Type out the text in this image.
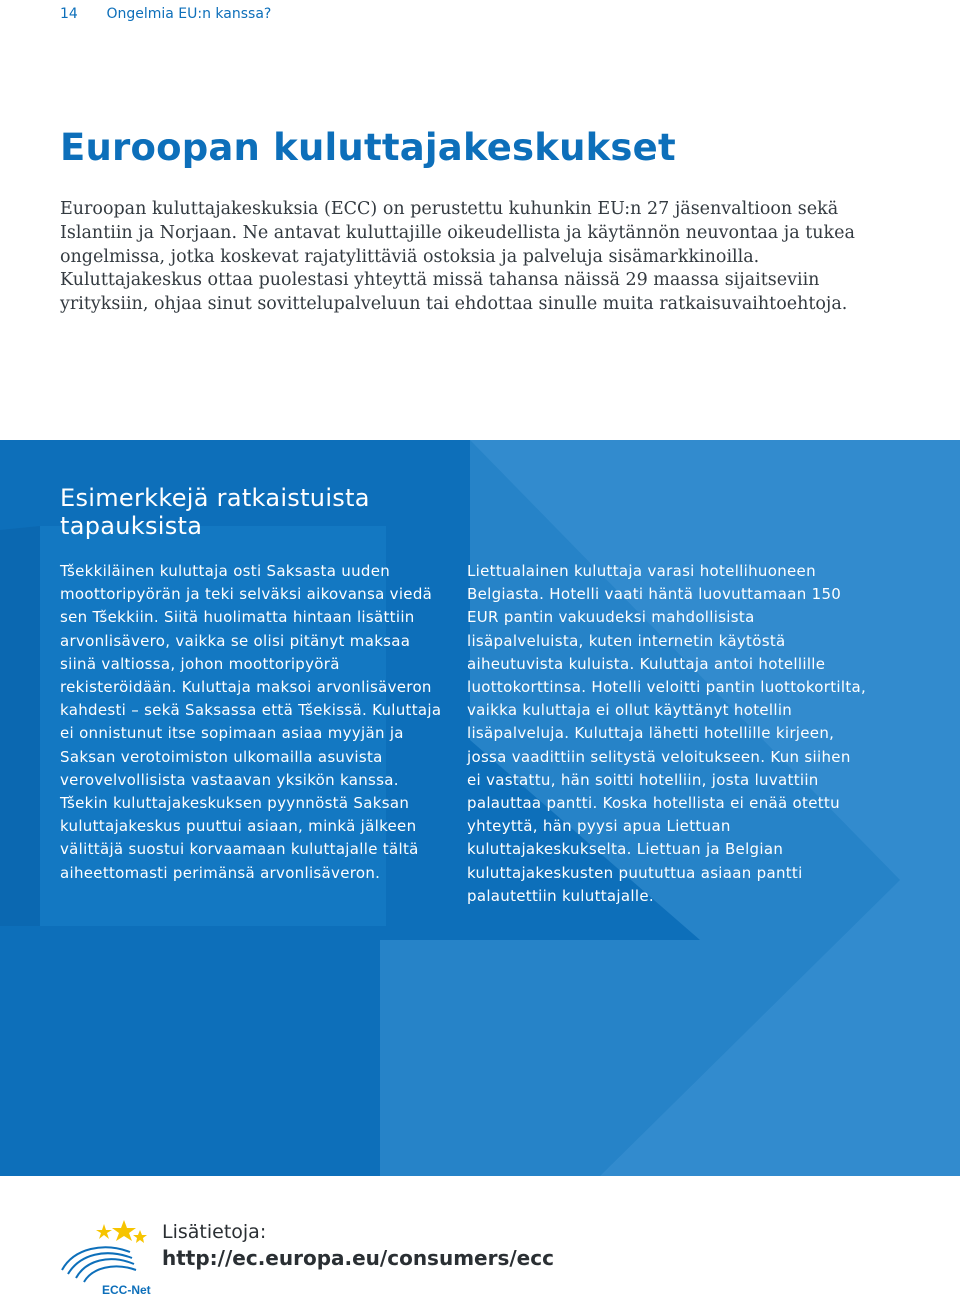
14 Ongelmia EU:n kanssa?
Euroopan kuluttajakeskukset

Euroopan kuluttajakeskuksia (ECC) on perustettu kuhunkin EU:n 27 jäsenvaltioon sekä Islantiin ja Norjaan. Ne antavat kuluttajille oikeudellista ja käytännön neuvontaa ja tukea ongelmissa, jotka koskevat rajatylittäviä ostoksia ja palveluja sisämarkkinoilla. Kuluttajakeskus ottaa puolestasi yhteyttä missä tahansa näissä 29 maassa sijaitseviin yrityksiin, ohjaa sinut sovittelupalveluun tai ehdottaa sinulle muita ratkaisuvaihtoehtoja.

Esimerkkejä ratkaistuista tapauksista

Tšekkiläinen kuluttaja osti Saksasta uuden moottoripyörän ja teki selväksi aikovansa viedä sen Tšekkiin. Siitä huolimatta hintaan lisättiin arvonlisävero, vaikka se olisi pitänyt maksaa siinä valtiossa, johon moottoripyörä rekisteröidään. Kuluttaja maksoi arvonlisäveron kahdesti – sekä Saksassa että Tšekissä. Kuluttaja ei onnistunut itse sopimaan asiaa myyjän ja Saksan verotoimiston ulkomailla asuvista verovelvollisista vastaavan yksikön kanssa. Tšekin kuluttajakeskuksen pyynnöstä Saksan kuluttajakeskus puuttui asiaan, minkä jälkeen välittäjä suostui korvaamaan kuluttajalle tältä aiheettomasti perimänsä arvonlisäveron.

Liettualainen kuluttaja varasi hotellihuoneen Belgiasta. Hotelli vaati häntä luovuttamaan 150 EUR pantin vakuudeksi mahdollisista lisäpalveluista, kuten internetin käytöstä aiheutuvista kuluista. Kuluttaja antoi hotellille luottokorttinsa. Hotelli veloitti pantin luottokortilta, vaikka kuluttaja ei ollut käyttänyt hotellin lisäpalveluja. Kuluttaja lähetti hotellille kirjeen, jossa vaadittiin selitystä veloitukseen. Kun siihen ei vastattu, hän soitti hotelliin, josta luvattiin palauttaa pantti. Koska hotellista ei enää otettu yhteyttä, hän pyysi apua Liettuan kuluttajakeskukselta. Liettuan ja Belgian kuluttajakeskusten puututtua asiaan pantti palautettiin kuluttajalle.

ECC-Net
Lisätietoja:
http://ec.europa.eu/consumers/ecc
